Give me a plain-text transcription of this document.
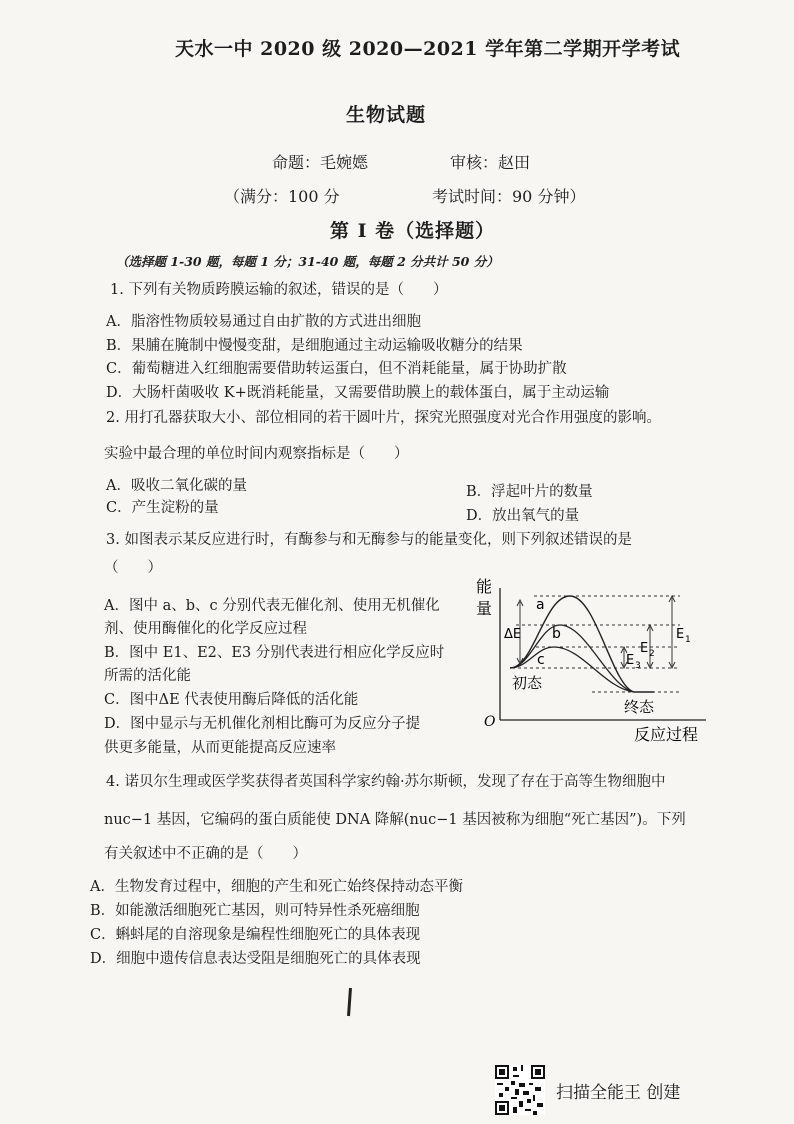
天水一中 2020 级 2020—2021 学年第二学期开学考试
生物试题
命题：毛婉嫕	审核：赵田
（满分：100 分	考试时间：90 分钟）
第 I 卷（选择题）
（选择题 1-30 题，每题 1 分；31-40 题，每题 2 分共计 50 分）
1. 下列有关物质跨膜运输的叙述，错误的是（　　）
A．脂溶性物质较易通过自由扩散的方式进出细胞
B．果脯在腌制中慢慢变甜，是细胞通过主动运输吸收糖分的结果
C．葡萄糖进入红细胞需要借助转运蛋白，但不消耗能量，属于协助扩散
D．大肠杆菌吸收 K+既消耗能量，又需要借助膜上的载体蛋白，属于主动运输
2. 用打孔器获取大小、部位相同的若干圆叶片，探究光照强度对光合作用强度的影响。
实验中最合理的单位时间内观察指标是（　　）
A．吸收二氧化碳的量	B．浮起叶片的数量
C．产生淀粉的量	D．放出氧气的量
3. 如图表示某反应进行时，有酶参与和无酶参与的能量变化，则下列叙述错误的是
（　　）
A．图中 a、b、c 分别代表无催化剂、使用无机催化
剂、使用酶催化的化学反应过程
B．图中 E1、E2、E3 分别代表进行相应化学反应时
所需的活化能
C．图中ΔE 代表使用酶后降低的活化能
D．图中显示与无机催化剂相比酶可为反应分子提
供更多能量，从而更能提高反应速率
能
量
ΔE
a
b
c
E 1
E 2
E 3
初态
终态
O
反应过程
4. 诺贝尔生理或医学奖获得者英国科学家约翰·苏尔斯顿，发现了存在于高等生物细胞中
nuc−1 基因，它编码的蛋白质能使 DNA 降解(nuc−1 基因被称为细胞“死亡基因”)。下列
有关叙述中不正确的是（　　）
A．生物发育过程中，细胞的产生和死亡始终保持动态平衡
B．如能激活细胞死亡基因，则可特异性杀死癌细胞
C．蝌蚪尾的自溶现象是编程性细胞死亡的具体表现
D．细胞中遗传信息表达受阻是细胞死亡的具体表现
扫描全能王 创建
